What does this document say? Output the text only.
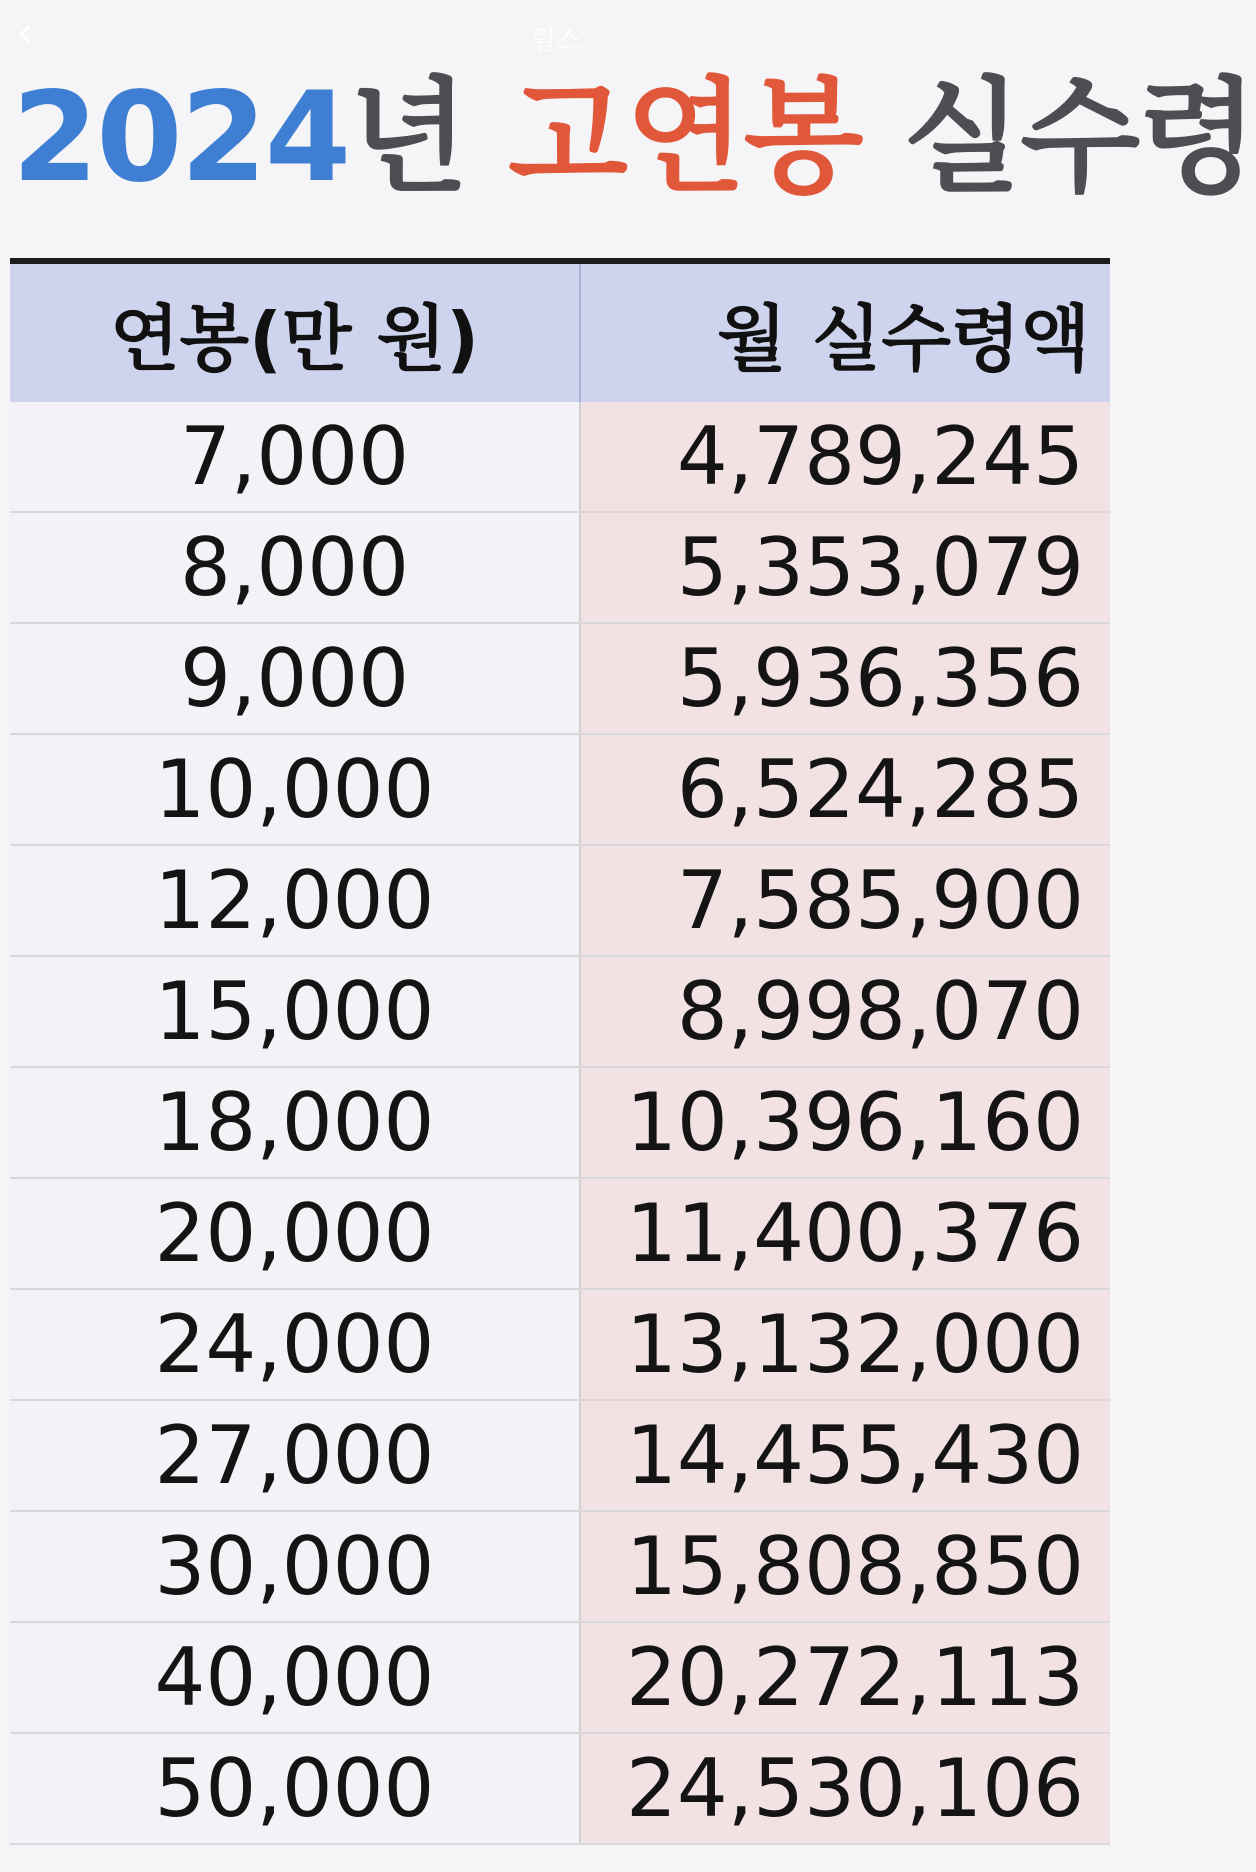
‹	릴스
2024년 고연봉 실수령
연봉(만 원)	월 실수령액
7,000	4,789,245
8,000	5,353,079
9,000	5,936,356
10,000	6,524,285
12,000	7,585,900
15,000	8,998,070
18,000	10,396,160
20,000	11,400,376
24,000	13,132,000
27,000	14,455,430
30,000	15,808,850
40,000	20,272,113
50,000	24,530,106
